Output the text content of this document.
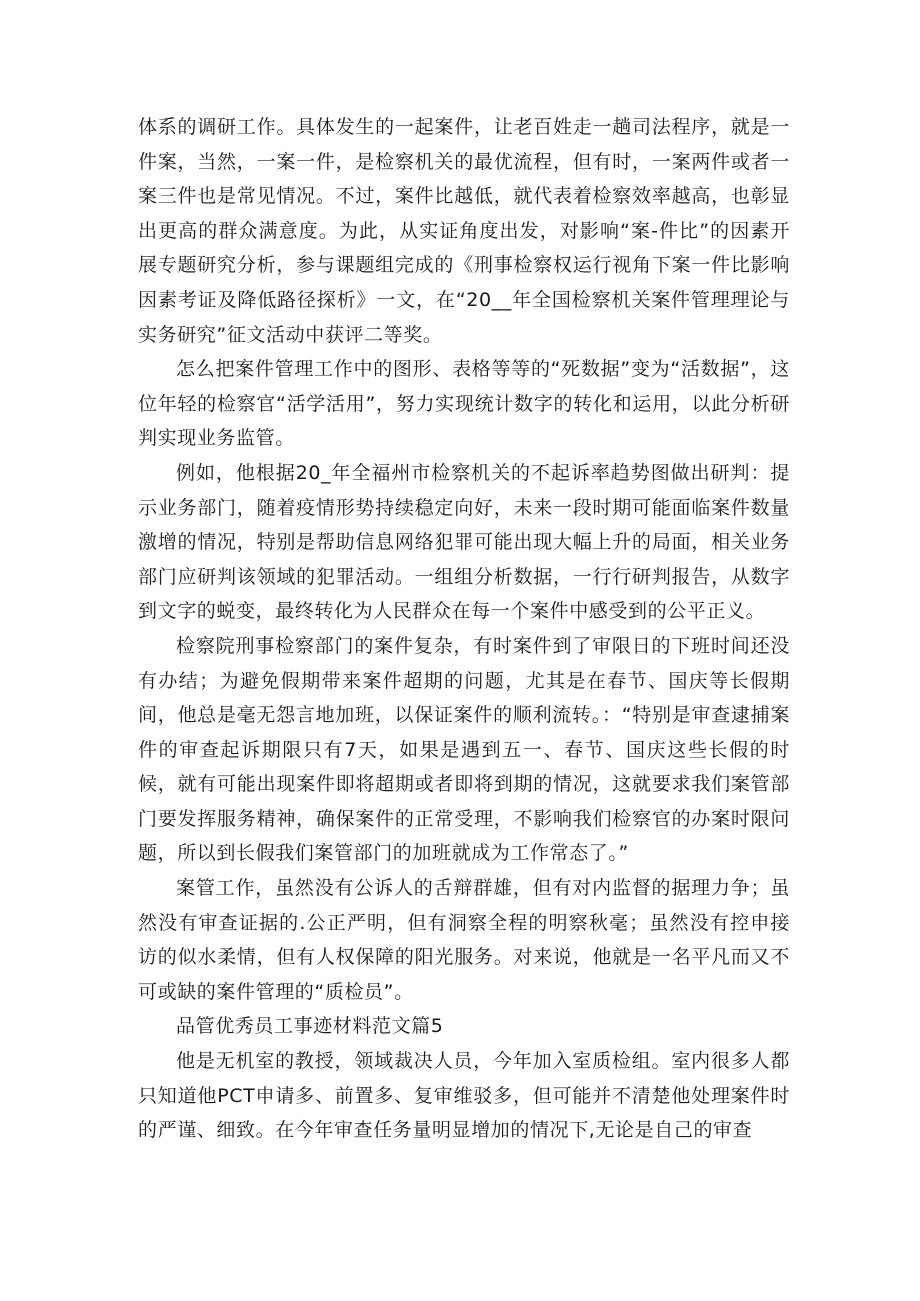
体系的调研工作。具体发生的一起案件，让老百姓走一趟司法程序，就是一件案，当然，一案一件，是检察机关的最优流程，但有时，一案两件或者一案三件也是常见情况。不过，案件比越低，就代表着检察效率越高，也彰显出更高的群众满意度。为此，从实证角度出发，对影响“案-件比”的因素开展专题研究分析，参与课题组完成的《刑事检察权运行视角下案一件比影响因素考证及降低路径探析》一文，在“20__年全国检察机关案件管理理论与实务研究”征文活动中获评二等奖。

怎么把案件管理工作中的图形、表格等等的“死数据”变为“活数据”，这位年轻的检察官“活学活用”，努力实现统计数字的转化和运用，以此分析研判实现业务监管。

例如，他根据20_年全福州市检察机关的不起诉率趋势图做出研判：提示业务部门，随着疫情形势持续稳定向好，未来一段时期可能面临案件数量激增的情况，特别是帮助信息网络犯罪可能出现大幅上升的局面，相关业务部门应研判该领域的犯罪活动。一组组分析数据，一行行研判报告，从数字到文字的蜕变，最终转化为人民群众在每一个案件中感受到的公平正义。

检察院刑事检察部门的案件复杂，有时案件到了审限日的下班时间还没有办结；为避免假期带来案件超期的问题，尤其是在春节、国庆等长假期间，他总是毫无怨言地加班，以保证案件的顺利流转。：“特别是审查逮捕案件的审查起诉期限只有7天，如果是遇到五一、春节、国庆这些长假的时候，就有可能出现案件即将超期或者即将到期的情况，这就要求我们案管部门要发挥服务精神，确保案件的正常受理，不影响我们检察官的办案时限问题，所以到长假我们案管部门的加班就成为工作常态了。”

案管工作，虽然没有公诉人的舌辩群雄，但有对内监督的据理力争；虽然没有审查证据的.公正严明，但有洞察全程的明察秋毫；虽然没有控申接访的似水柔情，但有人权保障的阳光服务。对来说，他就是一名平凡而又不可或缺的案件管理的“质检员”。

品管优秀员工事迹材料范文篇5

他是无机室的教授，领域裁决人员，今年加入室质检组。室内很多人都只知道他PCT申请多、前置多、复审维驳多，但可能并不清楚他处理案件时的严谨、细致。在今年审查任务量明显增加的情况下,无论是自己的审查
